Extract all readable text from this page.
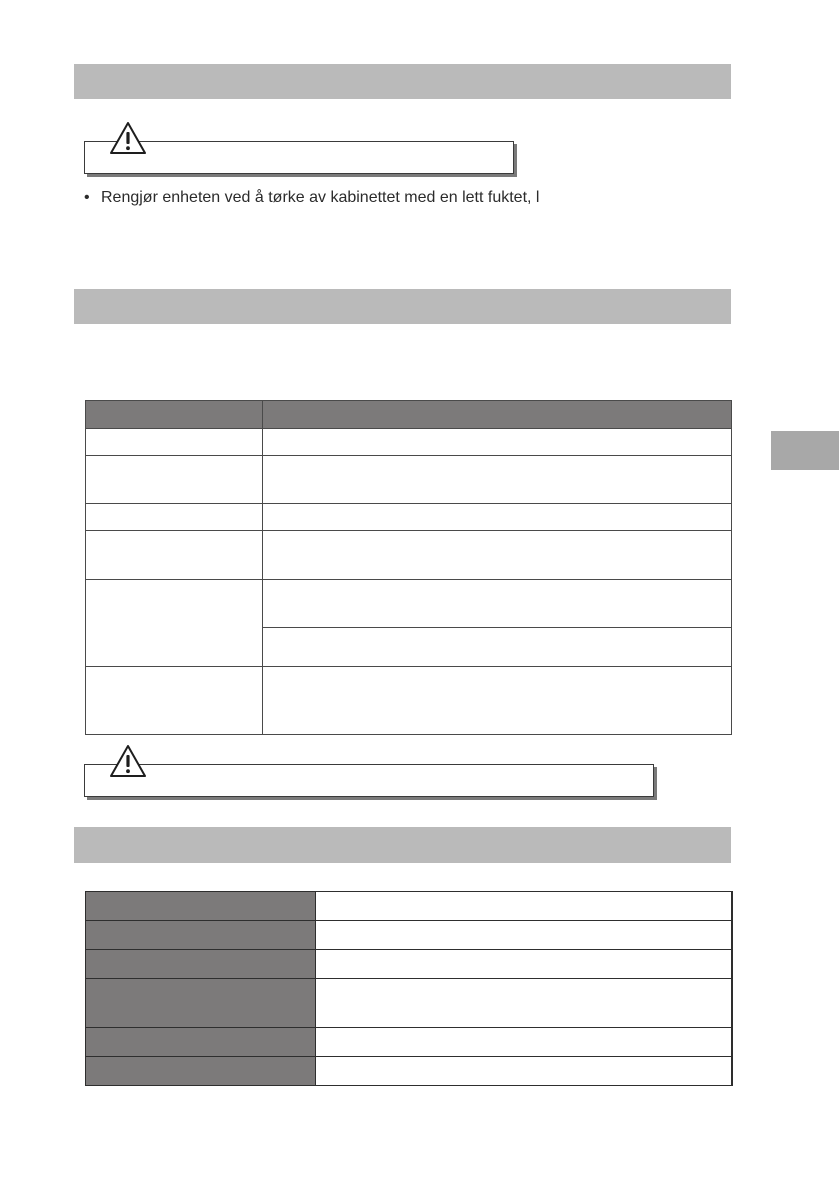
• Rengjør enheten ved å tørke av kabinettet med en lett fuktet, l
